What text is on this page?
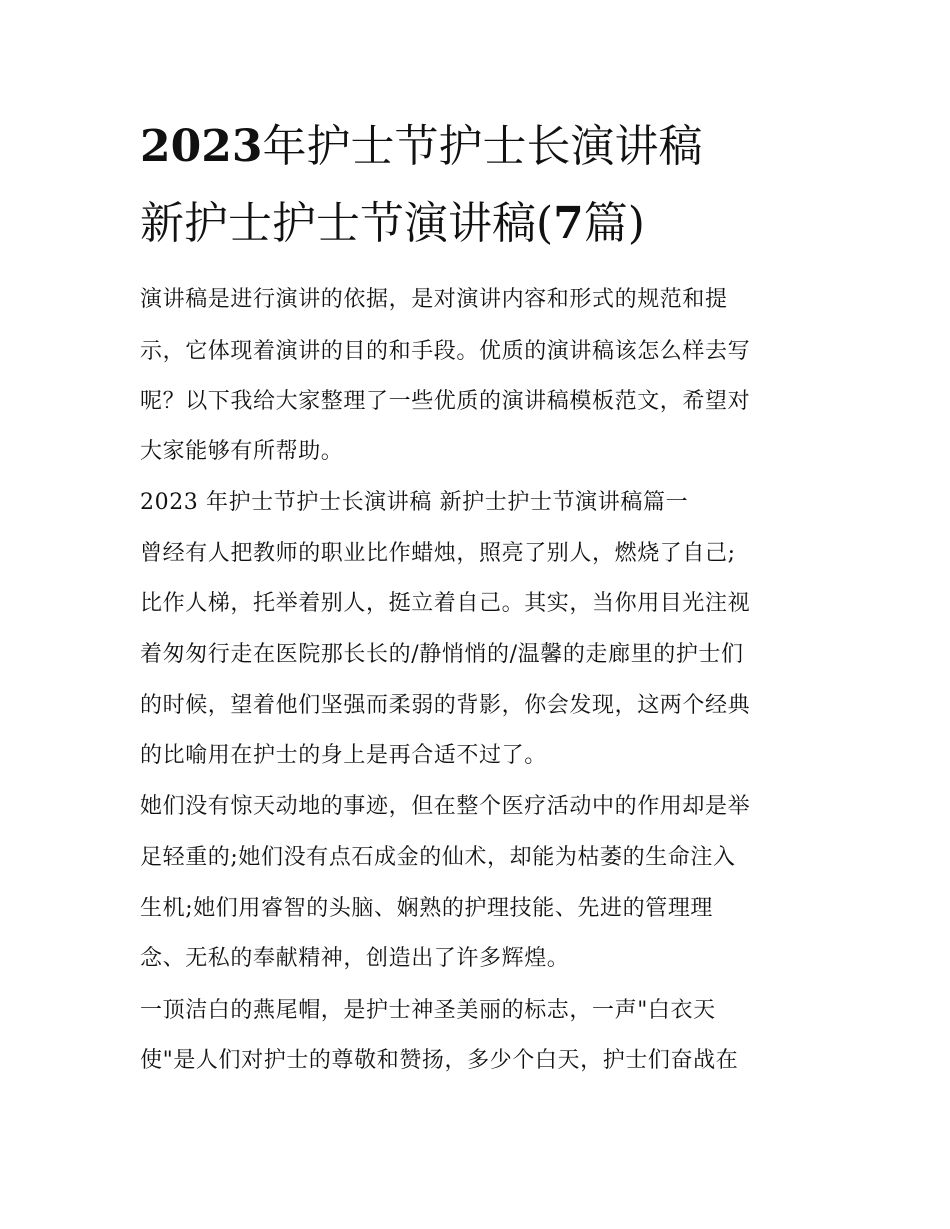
2023年护士节护士长演讲稿
新护士护士节演讲稿(7篇)

演讲稿是进行演讲的依据，是对演讲内容和形式的规范和提

示，它体现着演讲的目的和手段。优质的演讲稿该怎么样去写

呢？以下我给大家整理了一些优质的演讲稿模板范文，希望对

大家能够有所帮助。

2023 年护士节护士长演讲稿 新护士护士节演讲稿篇一

曾经有人把教师的职业比作蜡烛，照亮了别人，燃烧了自己;

比作人梯，托举着别人，挺立着自己。其实，当你用目光注视

着匆匆行走在医院那长长的/静悄悄的/温馨的走廊里的护士们

的时候，望着他们坚强而柔弱的背影，你会发现，这两个经典

的比喻用在护士的身上是再合适不过了。

她们没有惊天动地的事迹，但在整个医疗活动中的作用却是举

足轻重的;她们没有点石成金的仙术，却能为枯萎的生命注入

生机;她们用睿智的头脑、娴熟的护理技能、先进的管理理

念、无私的奉献精神，创造出了许多辉煌。

一顶洁白的燕尾帽，是护士神圣美丽的标志，一声"白衣天

使"是人们对护士的尊敬和赞扬，多少个白天，护士们奋战在
